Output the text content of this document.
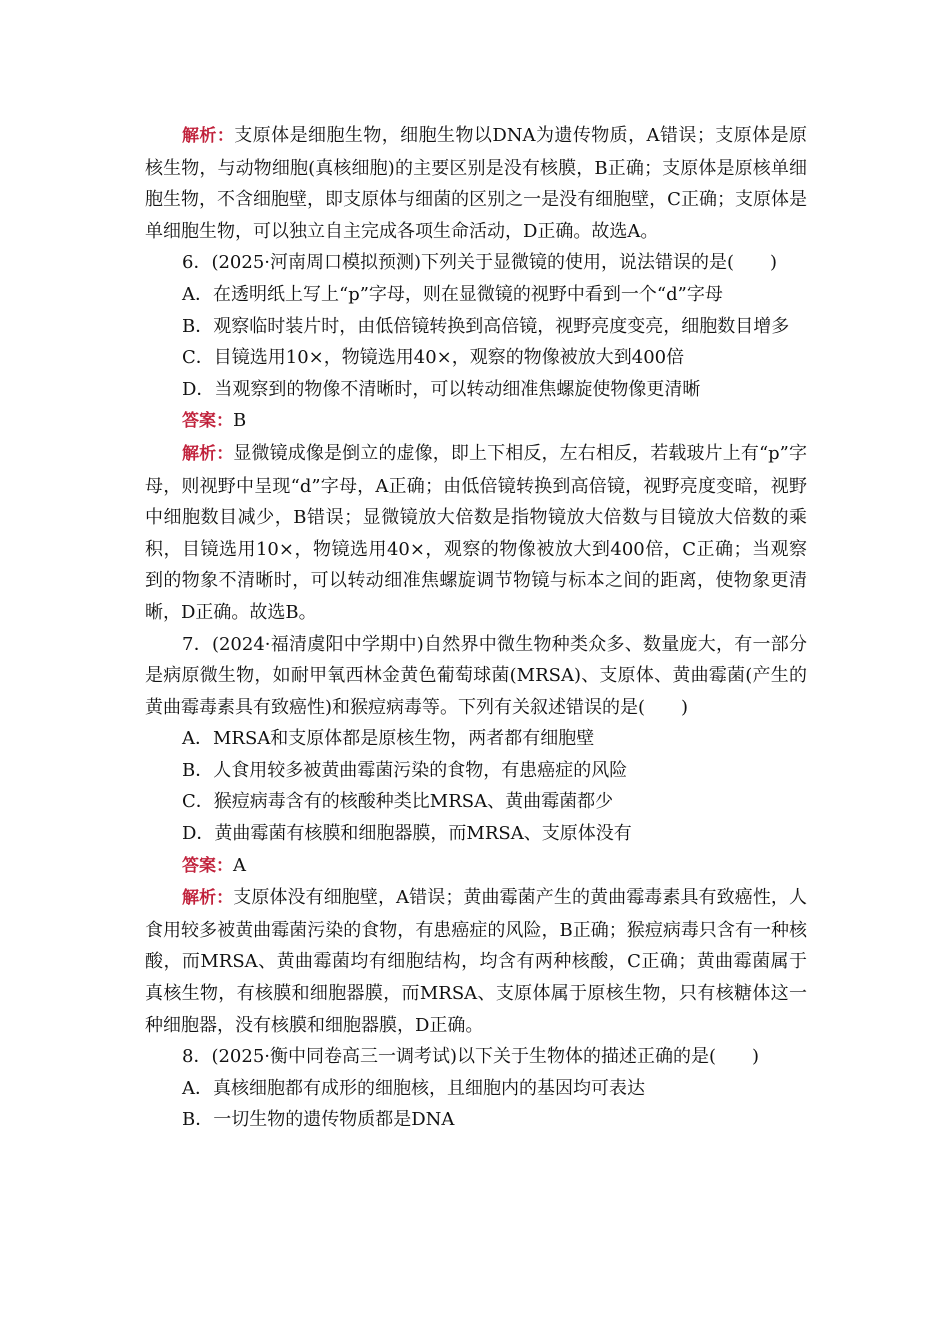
解析：支原体是细胞生物，细胞生物以DNA为遗传物质，A错误；支原体是原核生物，与动物细胞(真核细胞)的主要区别是没有核膜，B正确；支原体是原核单细胞生物，不含细胞壁，即支原体与细菌的区别之一是没有细胞壁，C正确；支原体是单细胞生物，可以独立自主完成各项生命活动，D正确。故选A。

6．(2025·河南周口模拟预测)下列关于显微镜的使用，说法错误的是(　　)

A．在透明纸上写上“p”字母，则在显微镜的视野中看到一个“d”字母

B．观察临时装片时，由低倍镜转换到高倍镜，视野亮度变亮，细胞数目增多

C．目镜选用10×，物镜选用40×，观察的物像被放大到400倍

D．当观察到的物像不清晰时，可以转动细准焦螺旋使物像更清晰

答案：B

解析：显微镜成像是倒立的虚像，即上下相反，左右相反，若载玻片上有“p”字母，则视野中呈现“d”字母，A正确；由低倍镜转换到高倍镜，视野亮度变暗，视野中细胞数目减少，B错误；显微镜放大倍数是指物镜放大倍数与目镜放大倍数的乘积，目镜选用10×，物镜选用40×，观察的物像被放大到400倍，C正确；当观察到的物象不清晰时，可以转动细准焦螺旋调节物镜与标本之间的距离，使物象更清晰，D正确。故选B。

7．(2024·福清虞阳中学期中)自然界中微生物种类众多、数量庞大，有一部分是病原微生物，如耐甲氧西林金黄色葡萄球菌(MRSA)、支原体、黄曲霉菌(产生的黄曲霉毒素具有致癌性)和猴痘病毒等。下列有关叙述错误的是(　　)

A．MRSA和支原体都是原核生物，两者都有细胞壁

B．人食用较多被黄曲霉菌污染的食物，有患癌症的风险

C．猴痘病毒含有的核酸种类比MRSA、黄曲霉菌都少

D．黄曲霉菌有核膜和细胞器膜，而MRSA、支原体没有

答案：A

解析：支原体没有细胞壁，A错误；黄曲霉菌产生的黄曲霉毒素具有致癌性，人食用较多被黄曲霉菌污染的食物，有患癌症的风险，B正确；猴痘病毒只含有一种核酸，而MRSA、黄曲霉菌均有细胞结构，均含有两种核酸，C正确；黄曲霉菌属于真核生物，有核膜和细胞器膜，而MRSA、支原体属于原核生物，只有核糖体这一种细胞器，没有核膜和细胞器膜，D正确。

8．(2025·衡中同卷高三一调考试)以下关于生物体的描述正确的是(　　)

A．真核细胞都有成形的细胞核，且细胞内的基因均可表达

B．一切生物的遗传物质都是DNA
